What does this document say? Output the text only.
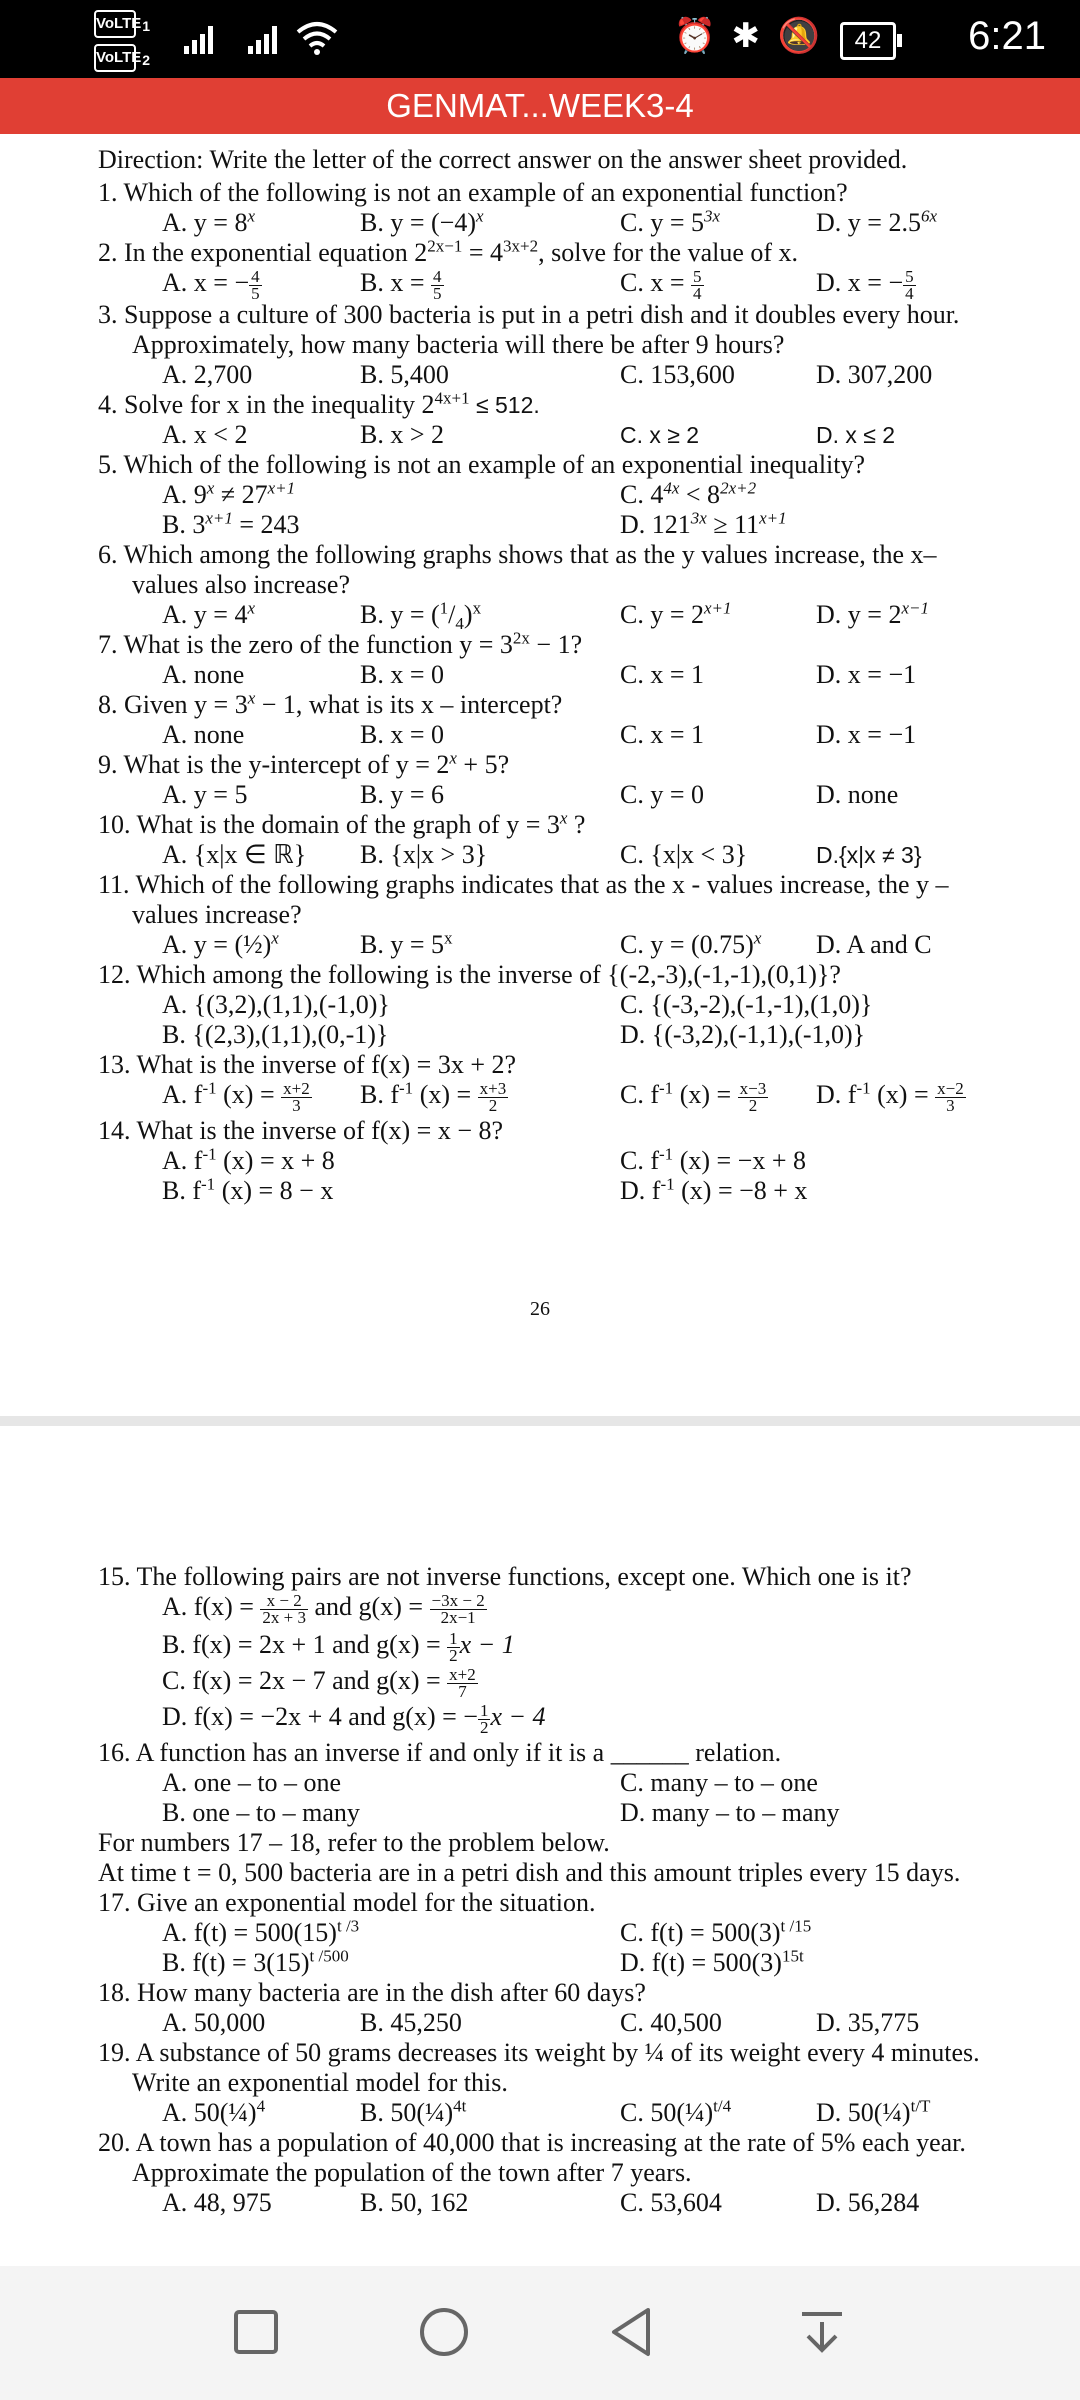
VoLTE 1
VoLTE 2
⏰ ✱ 🔕	42	6:21
GENMAT...WEEK3-4
Direction: Write the letter of the correct answer on the answer sheet provided.
1. Which of the following is not an example of an exponential function?
A. $y = 8^x$	B. $y = (-4)^x$	C. $y = 5^{3x}$	D. $y = 2.5^{6x}$
2. In the exponential equation $2^{2x-1} = 4^{3x+2}$, solve for the value of x.
A. x = − $\frac{4}{5}$	B. $x = \frac{4}{5}$	C. $x = \frac{5}{4}$	D. x = − $\frac{5}{4}$
3. Suppose a culture of 300 bacteria is put in a petri dish and it doubles every hour. Approximately, how many bacteria will there be after 9 hours?
A. 2,700	B. 5,400	C. 153,600	D. 307,200
4. Solve for x in the inequality $2^{4x+1} \le 512$.
A. x < 2	B. x > 2	C. x ≥ 2	D. x ≤ 2
5. Which of the following is not an example of an exponential inequality?
A. $9^x \ne 27^{x+1}$	C. $4^{4x} < 8^{2x+2}$
B. $3^{x+1} = 243$	D. $121^{3x} \ge 11^{x+1}$
6. Which among the following graphs shows that as the y values increase, the x– values also increase?
A. $y = 4^x$	B. $y = (^1/_4)^x$	C. $y = 2^{x+1}$	D. $y = 2^{x-1}$
7. What is the zero of the function $y = 3^{2x} - 1$?
A. none	B. x = 0	C. x = 1	D. x = −1
8. Given $y = 3^x - 1$, what is its x – intercept?
A. none	B. x = 0	C. x = 1	D. x = −1
9. What is the y-intercept of $y = 2^x + 5$?
A. y = 5	B. y = 6	C. y = 0	D. none
10. What is the domain of the graph of $y = 3^x$ ?
A. {x|x ∈ ℝ} B. {x|x > 3}	C. {x|x < 3}	D.{x|x ≠ 3}
11. Which of the following graphs indicates that as the x - values increase, the y – values increase?
A. y = (½)$^x$	B. $y = 5^x$	C. $y = (0.75)^x$ D. A and C
12. Which among the following is the inverse of {(-2,-3),(-1,-1),(0,1)}?
A. {(3,2),(1,1),(-1,0)}	C. {(-3,-2),(-1,-1),(1,0)}
B. {(2,3),(1,1),(0,-1)}	D. {(-3,2),(-1,1),(-1,0)}
13. What is the inverse of f(x) = 3x + 2?
A. $f^{-1}$ $(x) = \frac{x+2}{3} B$. $f^{-1}$ $(x) = \frac{x+3}{2}$	C. $f^{-1}$ $(x) = \frac{x-3}{2} D$. $f^{-1}$ $(x) = \frac{x-2}{3}$
14. What is the inverse of f(x) = x − 8?
A. $f^{-1}$ (x) = x + 8	C. $f^{-1}$ (x) = −x + 8
B. $f^{-1}$ (x) = 8 − x	D. $f^{-1}$ (x) = −8 + x
26
15. The following pairs are not inverse functions, except one. Which one is it?
A. $f(x) = \frac{x - 2}{2x + 3}$ and $g(x) = \frac{-3x - 2}{2x-1}$
B. f(x) = 2x + 1 and $g(x) = \frac{1}{2}$ x − 1
C. f(x) = 2x − 7 and $g(x) = \frac{x+2}{7}$
D. f(x) = −2x + 4 and g(x) = − $\frac{1}{2}$ x − 4
16. A function has an inverse if and only if it is a ______ relation.
A. one – to – one	C. many – to – one
B. one – to – many	D. many – to – many
For numbers 17 – 18, refer to the problem below.
At time t = 0, 500 bacteria are in a petri dish and this amount triples every 15 days.
17. Give an exponential model for the situation.
A. $f(t) = 500(15)^{t /3}$	C. $f(t) = 500(3)^{t /15}$
B. $f(t) = 3(15)^{t /500}$	D. $f(t) = 500(3)^{15t}$
18. How many bacteria are in the dish after 60 days?
A. 50,000	B. 45,250	C. 40,500	D. 35,775
19. A substance of 50 grams decreases its weight by ¼ of its weight every 4 minutes. Write an exponential model for this.
A. 50(¼)$^4$	B. 50(¼)$^{4t}$	C. 50(¼)$^{t/4}$	D. 50(¼)$^{t/T}$
20. A town has a population of 40,000 that is increasing at the rate of 5% each year. Approximate the population of the town after 7 years.
A. 48, 975	B. 50, 162	C. 53,604	D. 56,284
